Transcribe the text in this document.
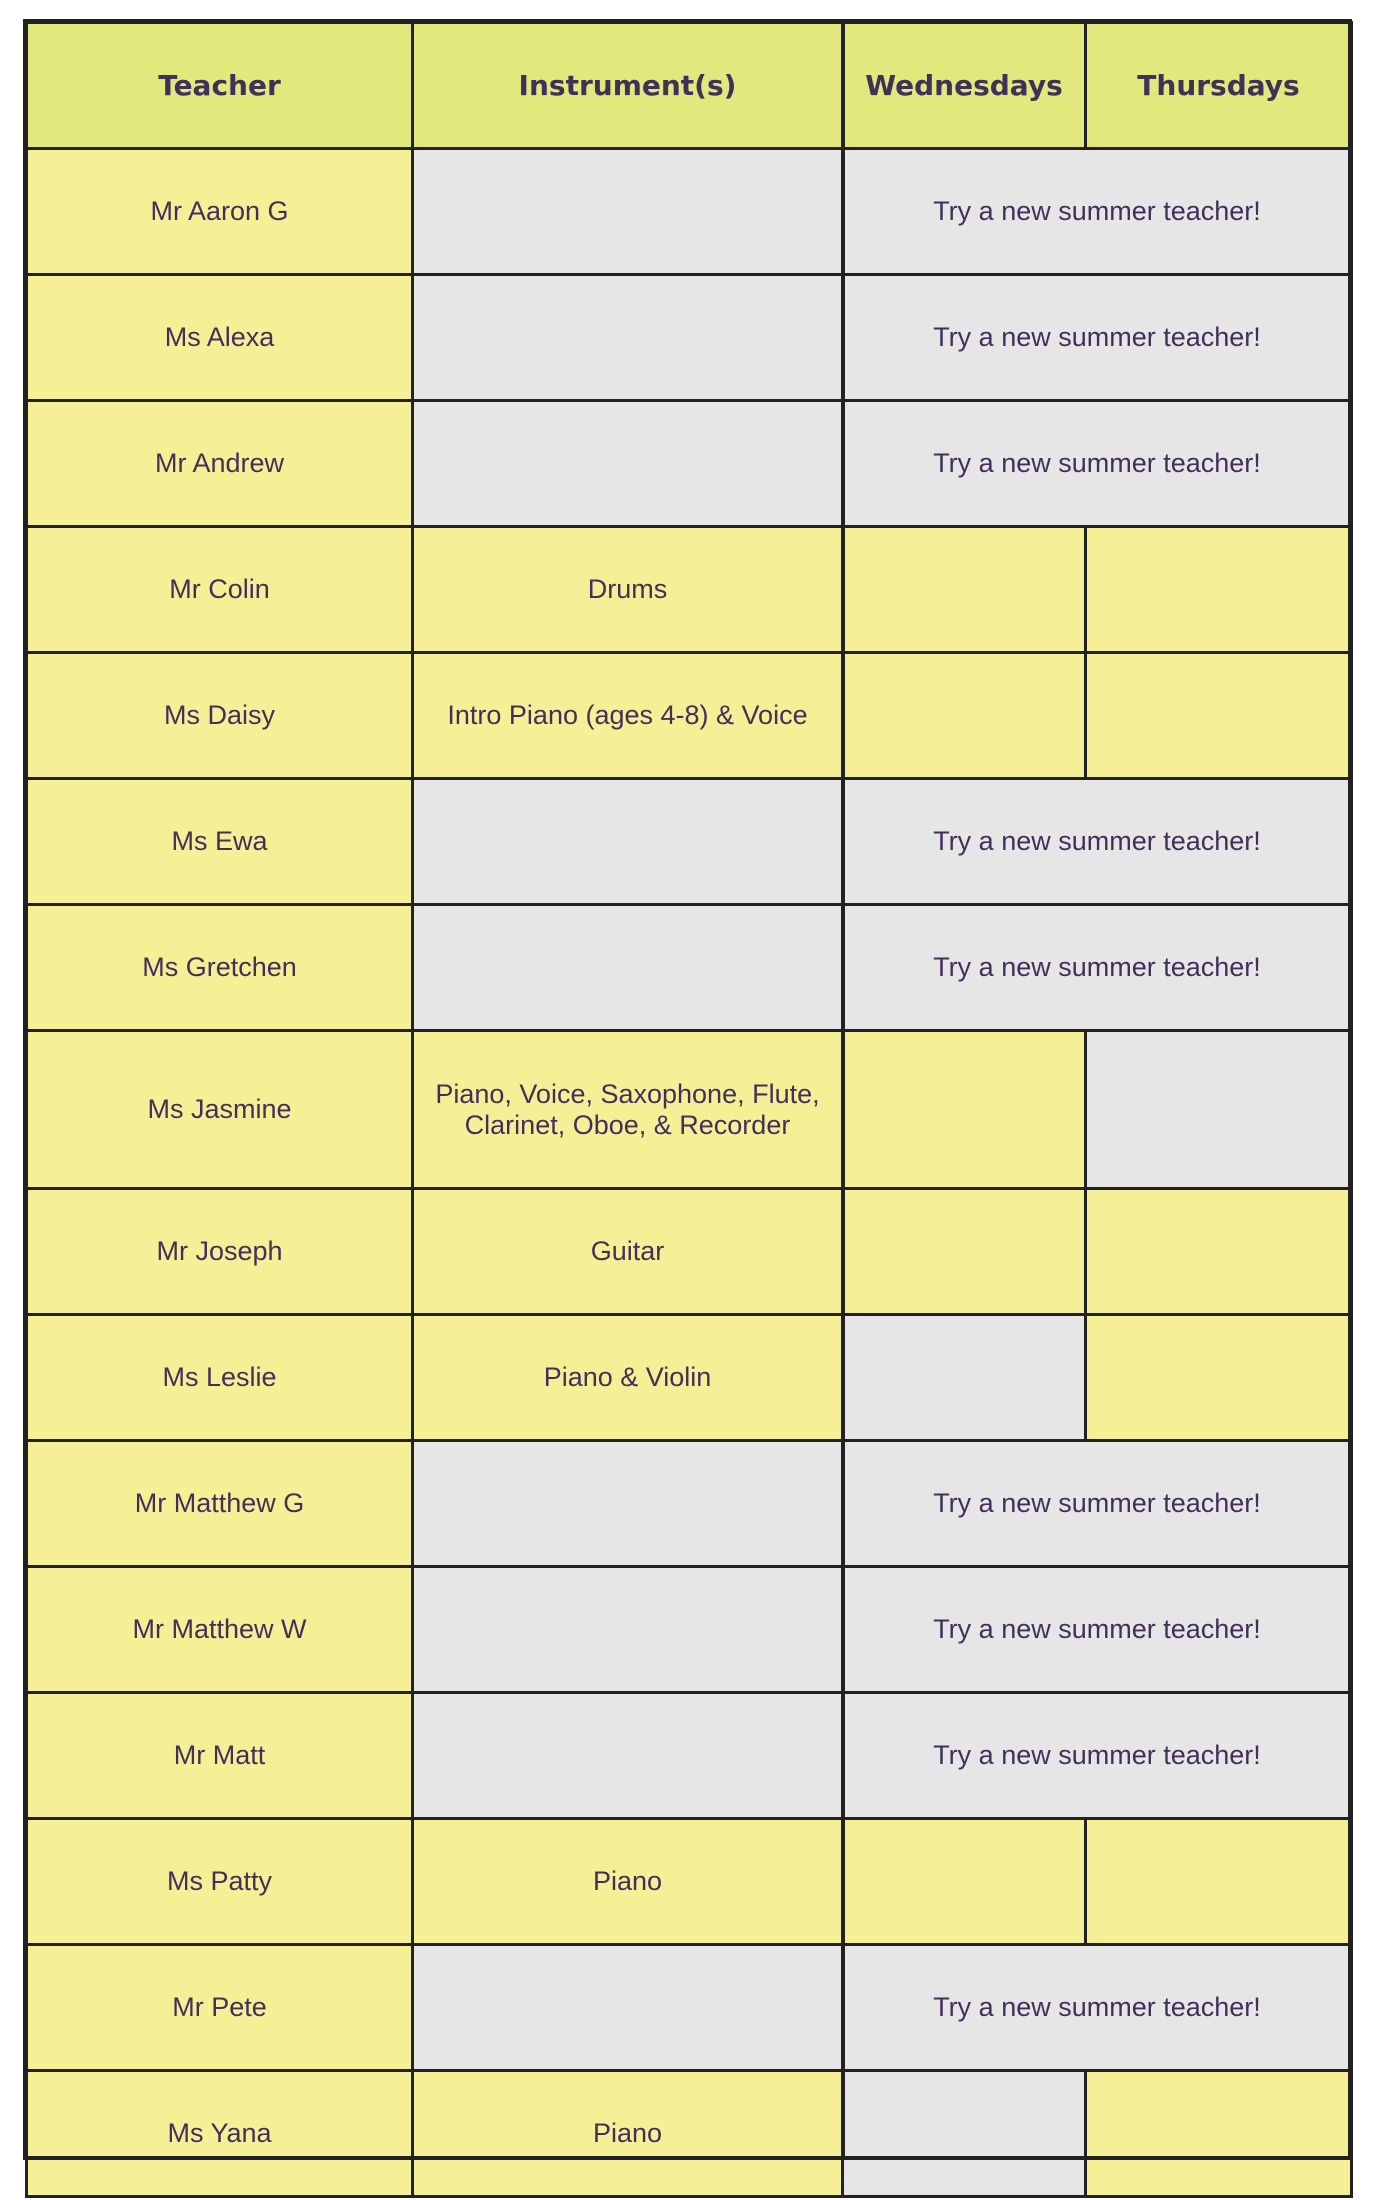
Teacher	Instrument(s)	Wednesdays	Thursdays
Mr Aaron G		Try a new summer teacher!	
Ms Alexa		Try a new summer teacher!	
Mr Andrew		Try a new summer teacher!	
Mr Colin	Drums		
Ms Daisy	Intro Piano (ages 4-8) & Voice		
Ms Ewa		Try a new summer teacher!	
Ms Gretchen		Try a new summer teacher!	
Ms Jasmine	Piano, Voice, Saxophone, Flute, Clarinet, Oboe, & Recorder		
Mr Joseph	Guitar		
Ms Leslie	Piano & Violin		
Mr Matthew G		Try a new summer teacher!	
Mr Matthew W		Try a new summer teacher!	
Mr Matt		Try a new summer teacher!	
Ms Patty	Piano		
Mr Pete		Try a new summer teacher!	
Ms Yana	Piano		
